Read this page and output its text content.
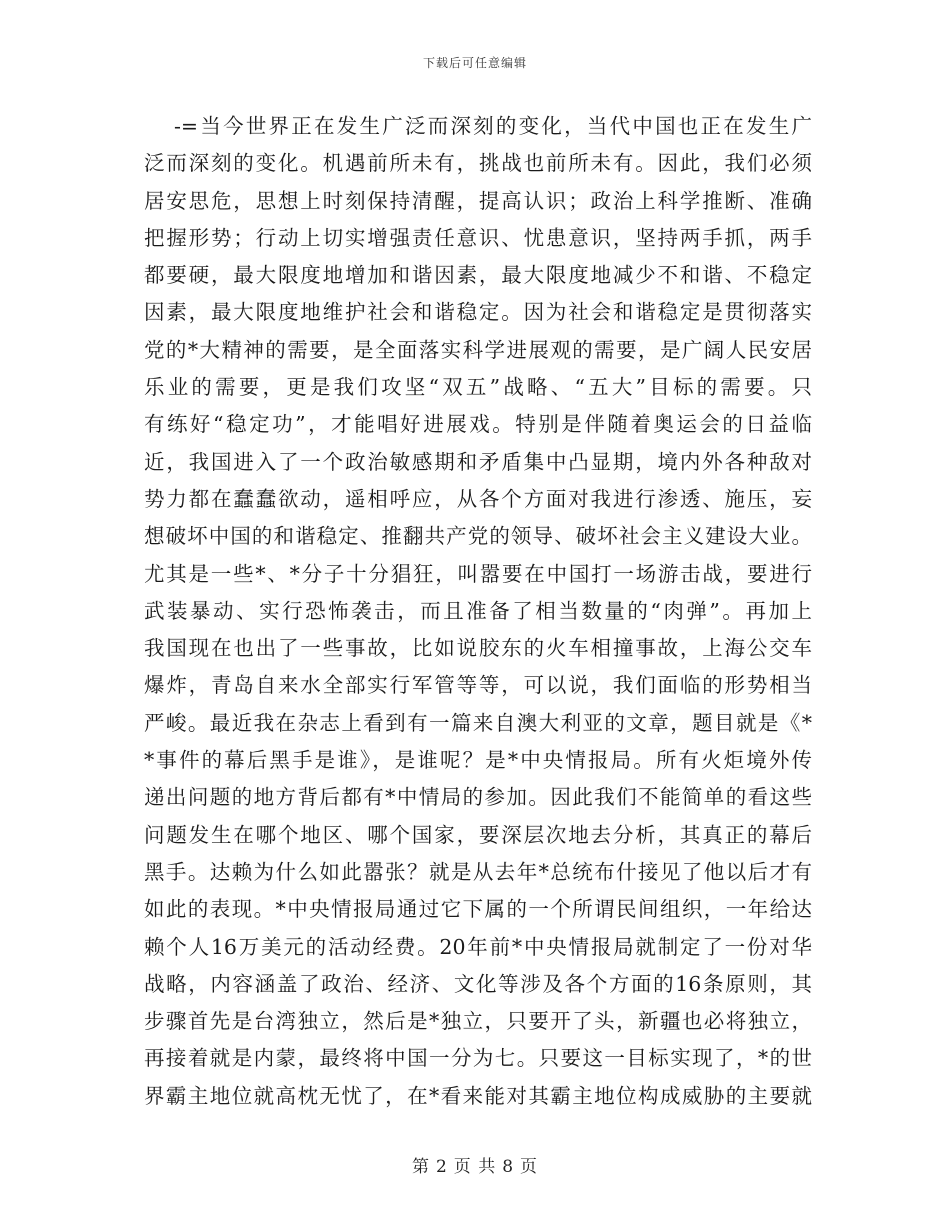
下载后可任意编辑
-=当今世界正在发生广泛而深刻的变化，当代中国也正在发生广
泛而深刻的变化。机遇前所未有，挑战也前所未有。因此，我们必须
居安思危，思想上时刻保持清醒，提高认识；政治上科学推断、准确
把握形势；行动上切实增强责任意识、忧患意识，坚持两手抓，两手
都要硬，最大限度地增加和谐因素，最大限度地减少不和谐、不稳定
因素，最大限度地维护社会和谐稳定。因为社会和谐稳定是贯彻落实
党的*大精神的需要，是全面落实科学进展观的需要，是广阔人民安居
乐业的需要，更是我们攻坚“双五”战略、“五大”目标的需要。只
有练好“稳定功”，才能唱好进展戏。特别是伴随着奥运会的日益临
近，我国进入了一个政治敏感期和矛盾集中凸显期，境内外各种敌对
势力都在蠢蠢欲动，遥相呼应，从各个方面对我进行渗透、施压，妄
想破坏中国的和谐稳定、推翻共产党的领导、破坏社会主义建设大业。
尤其是一些*、*分子十分猖狂，叫嚣要在中国打一场游击战，要进行
武装暴动、实行恐怖袭击，而且准备了相当数量的“肉弹”。再加上
我国现在也出了一些事故，比如说胶东的火车相撞事故，上海公交车
爆炸，青岛自来水全部实行军管等等，可以说，我们面临的形势相当
严峻。最近我在杂志上看到有一篇来自澳大利亚的文章，题目就是《*
*事件的幕后黑手是谁》，是谁呢？是*中央情报局。所有火炬境外传
递出问题的地方背后都有*中情局的参加。因此我们不能简单的看这些
问题发生在哪个地区、哪个国家，要深层次地去分析，其真正的幕后
黑手。达赖为什么如此嚣张？就是从去年*总统布什接见了他以后才有
如此的表现。*中央情报局通过它下属的一个所谓民间组织，一年给达
赖个人16万美元的活动经费。20年前*中央情报局就制定了一份对华
战略，内容涵盖了政治、经济、文化等涉及各个方面的16条原则，其
步骤首先是台湾独立，然后是*独立，只要开了头，新疆也必将独立，
再接着就是内蒙，最终将中国一分为七。只要这一目标实现了，*的世
界霸主地位就高枕无忧了，在*看来能对其霸主地位构成威胁的主要就
第 2 页 共 8 页
